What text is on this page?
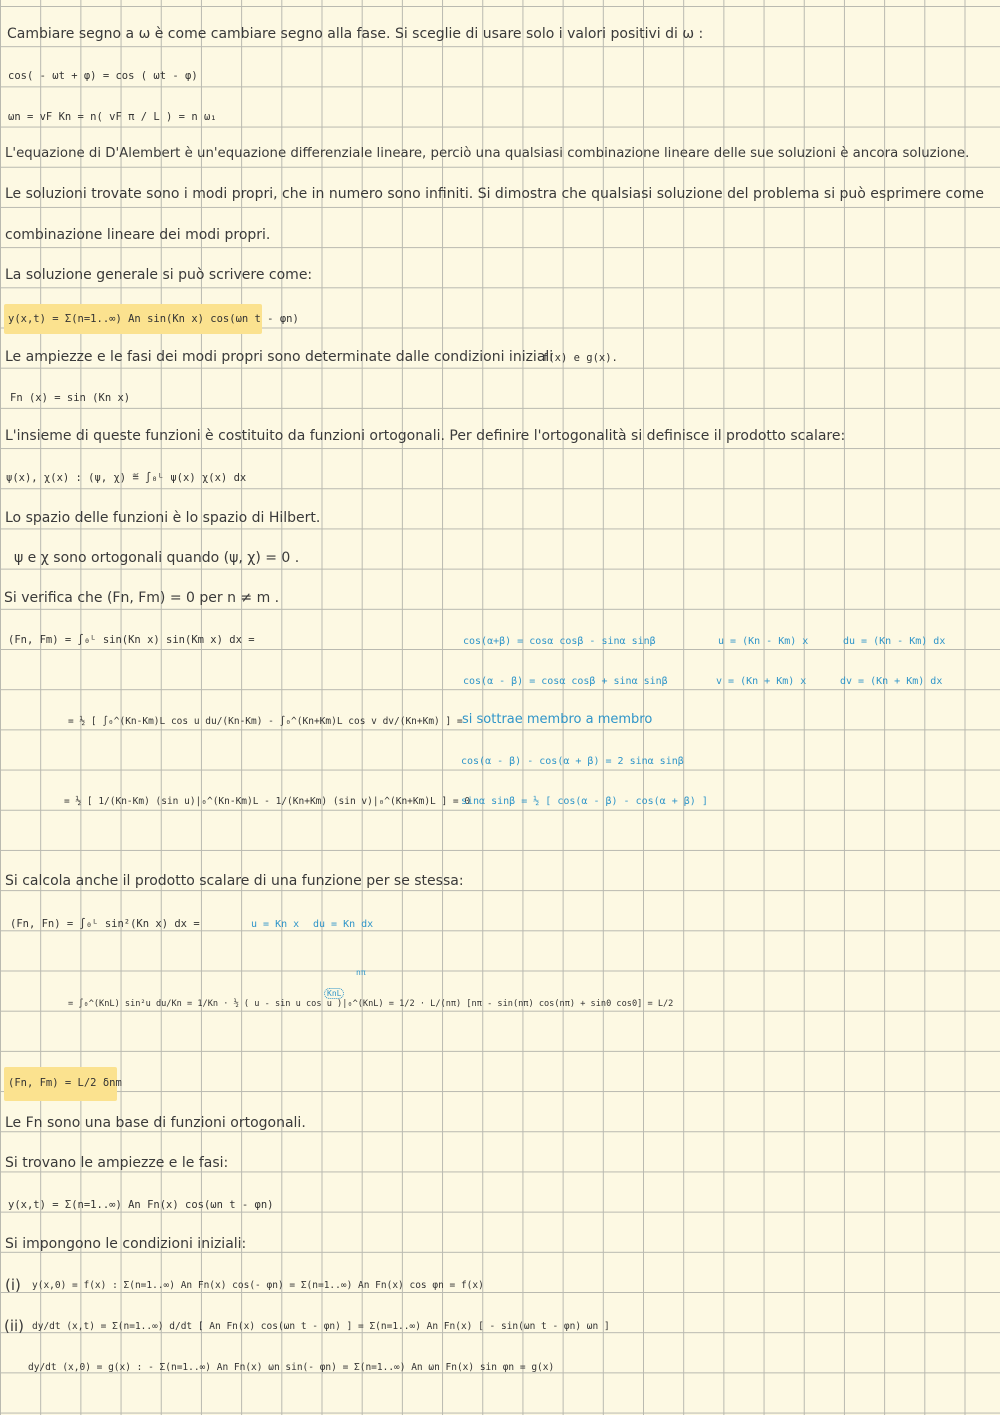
Cambiare segno a ω è come cambiare segno alla fase. Si sceglie di usare solo i valori positivi di ω :
cos( - ωt + φ) = cos ( ωt - φ)
ωn = vF Kn = n( vF π / L ) = n ω₁
L'equazione di D'Alembert è un'equazione differenziale lineare, perciò una qualsiasi combinazione lineare delle sue soluzioni è ancora soluzione.
Le soluzioni trovate sono i modi propri, che in numero sono infiniti. Si dimostra che qualsiasi soluzione del problema si può esprimere come
combinazione lineare dei modi propri.
La soluzione generale si può scrivere come:
y(x,t) = Σ(n=1..∞) An sin(Kn x) cos(ωn t - φn)
Le ampiezze e le fasi dei modi propri sono determinate dalle condizioni iniziali
f(x) e g(x).
Fn (x) = sin (Kn x)
L'insieme di queste funzioni è costituito da funzioni ortogonali. Per definire l'ortogonalità si definisce il prodotto scalare:
ψ(x), χ(x) : (ψ, χ) ≝ ∫₀ᴸ ψ(x) χ(x) dx
Lo spazio delle funzioni è lo spazio di Hilbert.
ψ e χ sono ortogonali quando (ψ, χ) = 0 .
Si verifica che (Fn, Fm) = 0 per n ≠ m .
(Fn, Fm) = ∫₀ᴸ sin(Kn x) sin(Km x) dx =
= ½ [ ∫₀^(Kn-Km)L cos u du/(Kn-Km) - ∫₀^(Kn+Km)L cos v dv/(Kn+Km) ] =
= ½ [ 1/(Kn-Km) (sin u)|₀^(Kn-Km)L - 1/(Kn+Km) (sin v)|₀^(Kn+Km)L ] = 0
cos(α+β) = cosα cosβ - sinα sinβ	u = (Kn - Km) x	du = (Kn - Km) dx
cos(α - β) = cosα cosβ + sinα sinβ	v = (Kn + Km) x	dv = (Kn + Km) dx
si sottrae membro a membro
cos(α - β) - cos(α + β) = 2 sinα sinβ
sinα sinβ = ½ [ cos(α - β) - cos(α + β) ]
Si calcola anche il prodotto scalare di una funzione per se stessa:
(Fn, Fn) = ∫₀ᴸ sin²(Kn x) dx =	u = Kn x du = Kn dx
nπ
KnL
= ∫₀^(KnL) sin²u du/Kn = 1/Kn · ½ ( u - sin u cos u )|₀^(KnL) = 1/2 · L/(nπ) [nπ - sin(nπ) cos(nπ) + sin0 cos0] = L/2
(Fn, Fm) = L/2 δnm
Le Fn sono una base di funzioni ortogonali.
Si trovano le ampiezze e le fasi:
y(x,t) = Σ(n=1..∞) An Fn(x) cos(ωn t - φn)
Si impongono le condizioni iniziali:
(i) y(x,0) = f(x) : Σ(n=1..∞) An Fn(x) cos(- φn) = Σ(n=1..∞) An Fn(x) cos φn = f(x)
(ii) dy/dt (x,t) = Σ(n=1..∞) d/dt [ An Fn(x) cos(ωn t - φn) ] = Σ(n=1..∞) An Fn(x) [ - sin(ωn t - φn) ωn ]
dy/dt (x,0) = g(x) : - Σ(n=1..∞) An Fn(x) ωn sin(- φn) = Σ(n=1..∞) An ωn Fn(x) sin φn = g(x)
